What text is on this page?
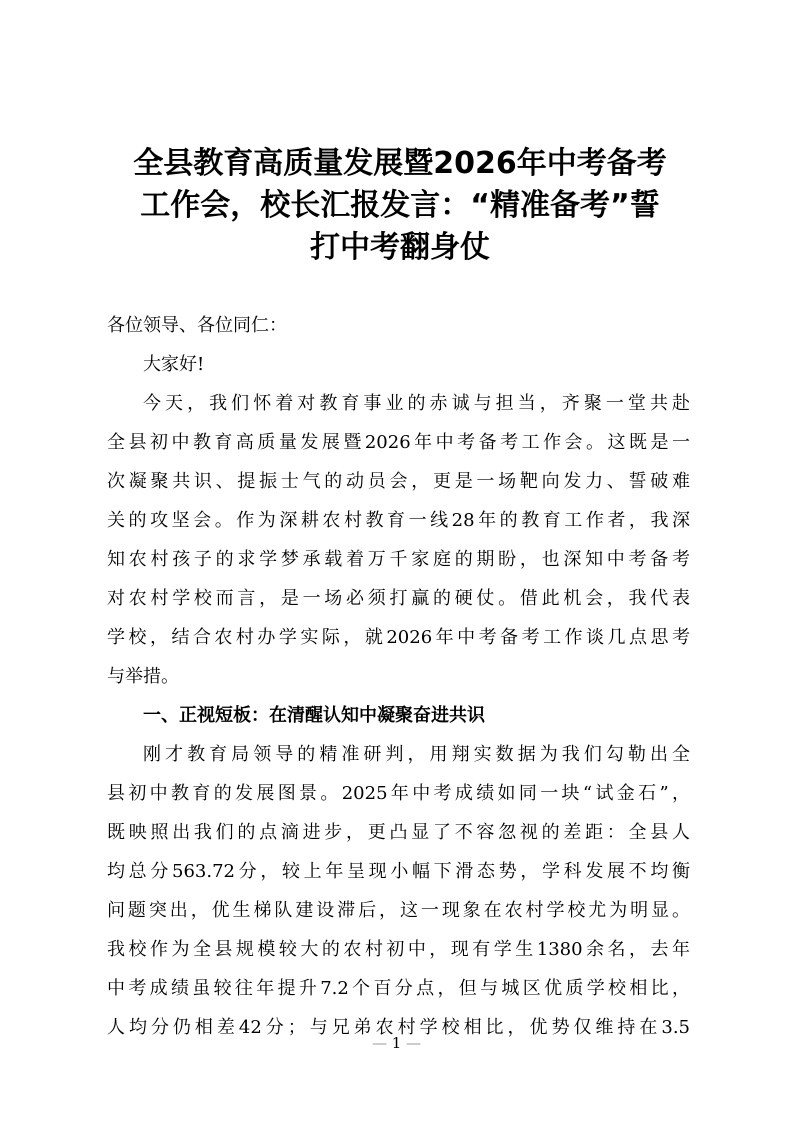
全县教育高质量发展暨2026年中考备考
工作会，校长汇报发言：“精准备考”誓
打中考翻身仗
各位领导、各位同仁：
大家好!
今天，我们怀着对教育事业的赤诚与担当，齐聚一堂共赴
全县初中教育高质量发展暨2026年中考备考工作会。这既是一
次凝聚共识、提振士气的动员会，更是一场靶向发力、誓破难
关的攻坚会。作为深耕农村教育一线28年的教育工作者，我深
知农村孩子的求学梦承载着万千家庭的期盼，也深知中考备考
对农村学校而言，是一场必须打赢的硬仗。借此机会，我代表
学校，结合农村办学实际，就2026年中考备考工作谈几点思考
与举措。
一、正视短板：在清醒认知中凝聚奋进共识
刚才教育局领导的精准研判，用翔实数据为我们勾勒出全
县初中教育的发展图景。2025年中考成绩如同一块“试金石”，
既映照出我们的点滴进步，更凸显了不容忽视的差距：全县人
均总分563.72分，较上年呈现小幅下滑态势，学科发展不均衡
问题突出，优生梯队建设滞后，这一现象在农村学校尤为明显。
我校作为全县规模较大的农村初中，现有学生1380余名，去年
中考成绩虽较往年提升7.2个百分点，但与城区优质学校相比，
人均分仍相差42分；与兄弟农村学校相比，优势仅维持在3.5
— 1 —
